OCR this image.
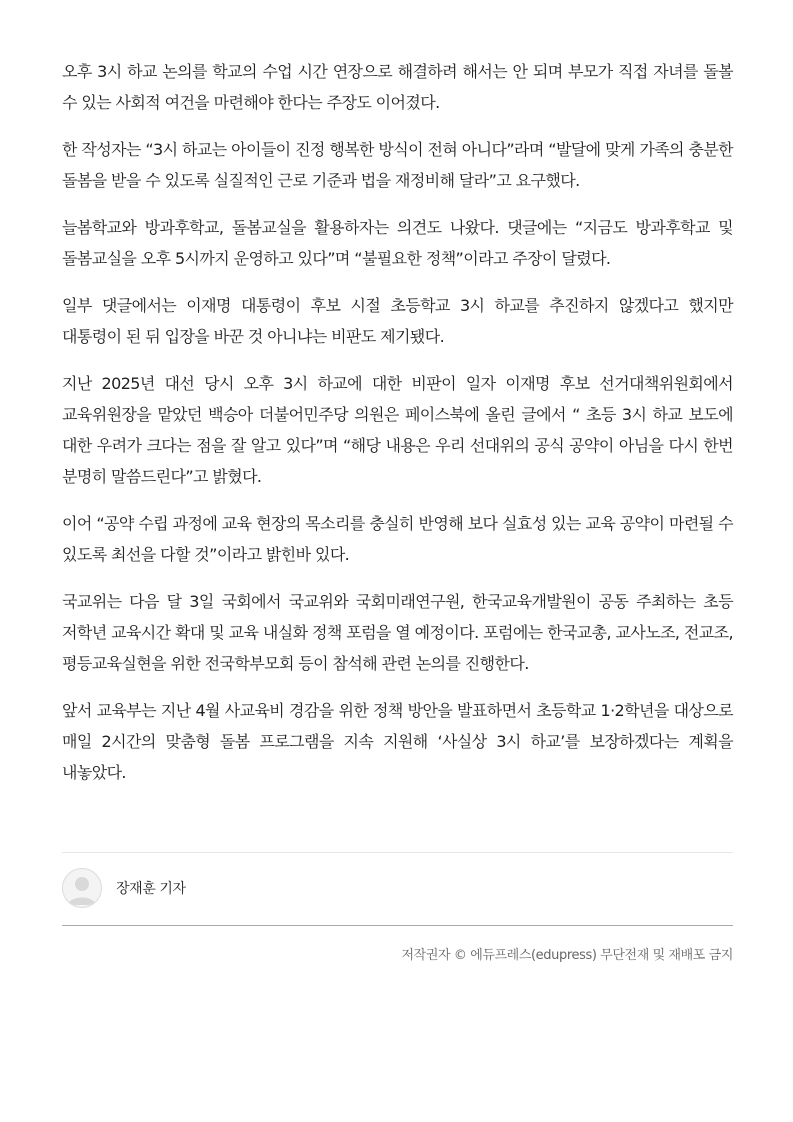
오후 3시 하교 논의를 학교의 수업 시간 연장으로 해결하려 해서는 안 되며 부모가 직접 자녀를 돌볼 수 있는 사회적 여건을 마련해야 한다는 주장도 이어졌다.

한 작성자는 “3시 하교는 아이들이 진정 행복한 방식이 전혀 아니다”라며 “발달에 맞게 가족의 충분한 돌봄을 받을 수 있도록 실질적인 근로 기준과 법을 재정비해 달라”고 요구했다.

늘봄학교와 방과후학교, 돌봄교실을 활용하자는 의견도 나왔다. 댓글에는 “지금도 방과후학교 및 돌봄교실을 오후 5시까지 운영하고 있다”며 “불필요한 정책”이라고 주장이 달렸다.

일부 댓글에서는 이재명 대통령이 후보 시절 초등학교 3시 하교를 추진하지 않겠다고 했지만 대통령이 된 뒤 입장을 바꾼 것 아니냐는 비판도 제기됐다.

지난 2025년 대선 당시 오후 3시 하교에 대한 비판이 일자 이재명 후보 선거대책위원회에서 교육위원장을 맡았던 백승아 더불어민주당 의원은 페이스북에 올린 글에서 “ 초등 3시 하교 보도에 대한 우려가 크다는 점을 잘 알고 있다”며 “해당 내용은 우리 선대위의 공식 공약이 아님을 다시 한번 분명히 말씀드린다”고 밝혔다.

이어 “공약 수립 과정에 교육 현장의 목소리를 충실히 반영해 보다 실효성 있는 교육 공약이 마련될 수 있도록 최선을 다할 것”이라고 밝힌바 있다.

국교위는 다음 달 3일 국회에서 국교위와 국회미래연구원, 한국교육개발원이 공동 주최하는 초등 저학년 교육시간 확대 및 교육 내실화 정책 포럼을 열 예정이다. 포럼에는 한국교총, 교사노조, 전교조, 평등교육실현을 위한 전국학부모회 등이 참석해 관련 논의를 진행한다.

앞서 교육부는 지난 4월 사교육비 경감을 위한 정책 방안을 발표하면서 초등학교 1·2학년을 대상으로 매일 2시간의 맞춤형 돌봄 프로그램을 지속 지원해 ‘사실상 3시 하교’를 보장하겠다는 계획을 내놓았다.

장재훈 기자
저작권자 © 에듀프레스(edupress) 무단전재 및 재배포 금지
